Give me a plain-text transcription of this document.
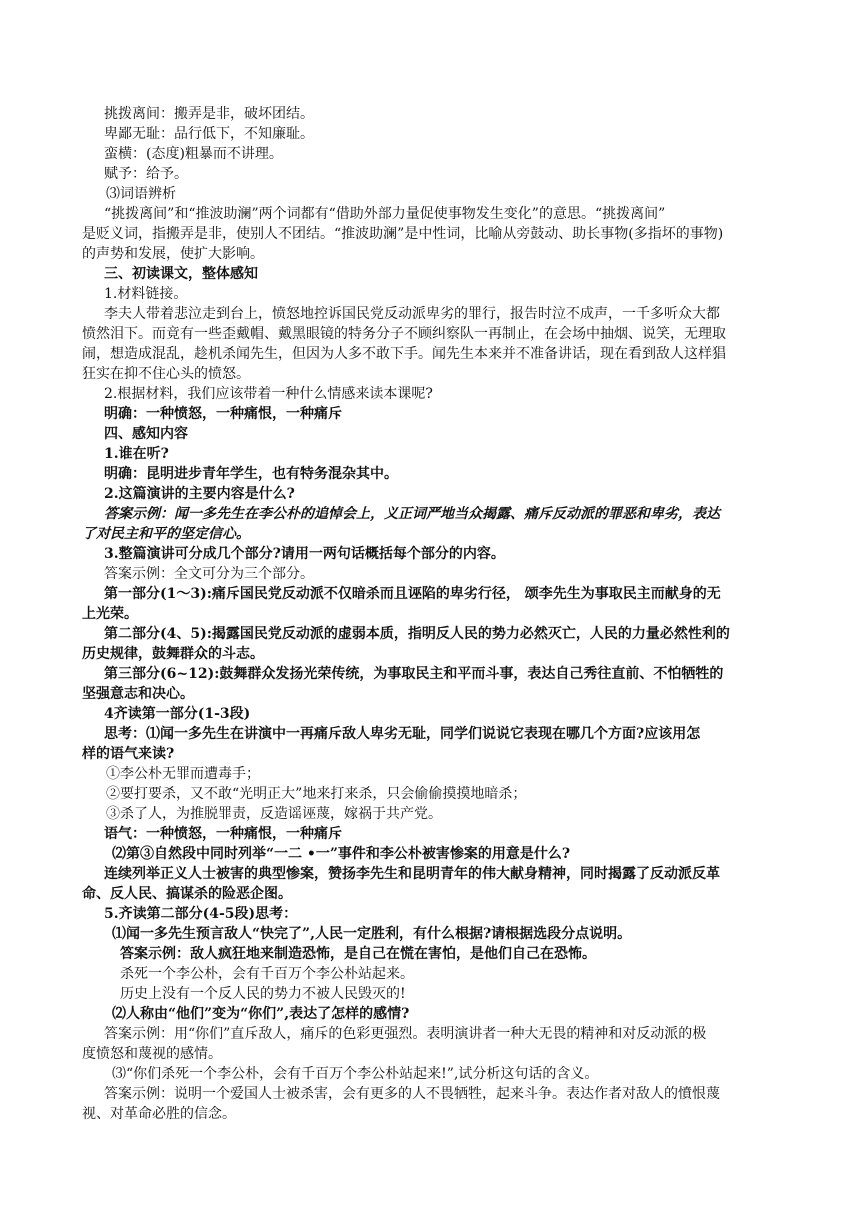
挑拨离间：搬弄是非，破坏团结。
卑鄙无耻：品行低下，不知廉耻。
蛮横：(态度)粗暴而不讲理。
赋予：给予。
⑶词语辨析
“挑拨离间”和“推波助澜”两个词都有“借助外部力量促使事物发生变化”的意思。“挑拨离间”
是贬义词，指搬弄是非，使别人不团结。“推波助澜”是中性词，比喻从旁鼓动、助长事物(多指坏的事物)
的声势和发展，使扩大影响。
三、初读课文，整体感知
1.材料链接。
李夫人带着悲泣走到台上，愤怒地控诉国民党反动派卑劣的罪行，报告时泣不成声，一千多听众大都
愤然泪下。而竟有一些歪戴帽、戴黑眼镜的特务分子不顾纠察队一再制止，在会场中抽烟、说笑，无理取
闹，想造成混乱，趁机杀闻先生，但因为人多不敢下手。闻先生本来并不准备讲话，现在看到敌人这样猖
狂实在抑不住心头的愤怒。
2.根据材料，我们应该带着一种什么情感来读本课呢?
明确：一种愤怒，一种痛恨，一种痛斥
四、感知内容
1.谁在听?
明确：昆明进步青年学生，也有特务混杂其中。
2.这篇演讲的主要内容是什么?
答案示例：闻一多先生在李公朴的追悼会上，义正词严地当众揭露、痛斥反动派的罪恶和卑劣，表达
了对民主和平的坚定信心。
3.整篇演讲可分成几个部分?请用一两句话概括每个部分的内容。
答案示例：全文可分为三个部分。
第一部分(1～3):痛斥国民党反动派不仅暗杀而且诬陷的卑劣行径， 颂李先生为事取民主而献身的无
上光荣。
第二部分(4、5):揭露国民党反动派的虚弱本质，指明反人民的势力必然灭亡，人民的力量必然性利的
历史规律，鼓舞群众的斗志。
第三部分(6~12):鼓舞群众发扬光荣传统，为事取民主和平而斗事，表达自己秀往直前、不怕牺牲的
坚强意志和决心。
4齐读第一部分(1-3段)
思考：⑴闻一多先生在讲演中一再痛斥敌人卑劣无耻，同学们说说它表现在哪几个方面?应该用怎
样的语气来读?
①李公朴无罪而遭毒手；
②要打要杀，又不敢“光明正大”地来打来杀，只会偷偷摸摸地暗杀；
③杀了人，为推脱罪责，反造谣诬蔑，嫁祸于共产党。
语气：一种愤怒，一种痛恨，一种痛斥
⑵第③自然段中同时列举“一二 •一”事件和李公朴被害惨案的用意是什么?
连续列举正义人士被害的典型惨案，赞扬李先生和昆明青年的伟大献身精神，同时揭露了反动派反革
命、反人民、搞谋杀的险恶企图。
5.齐读第二部分(4-5段)思考：
⑴闻一多先生预言敌人“快完了”,人民一定胜利，有什么根据?请根据选段分点说明。
答案示例：敌人疯狂地来制造恐怖，是自己在慌在害怕，是他们自己在恐怖。
杀死一个李公朴，会有千百万个李公朴站起来。
历史上没有一个反人民的势力不被人民毁灭的!
⑵人称由“他们”变为“你们”,表达了怎样的感情?
答案示例：用“你们”直斥敌人，痛斥的色彩更强烈。表明演讲者一种大无畏的精神和对反动派的极
度愤怒和蔑视的感情。
⑶“你们杀死一个李公朴，会有千百万个李公朴站起来!”,试分析这句话的含义。
答案示例：说明一个爱国人士被杀害，会有更多的人不畏牺牲，起来斗争。表达作者对敌人的憤恨蔑
视、对革命必胜的信念。
